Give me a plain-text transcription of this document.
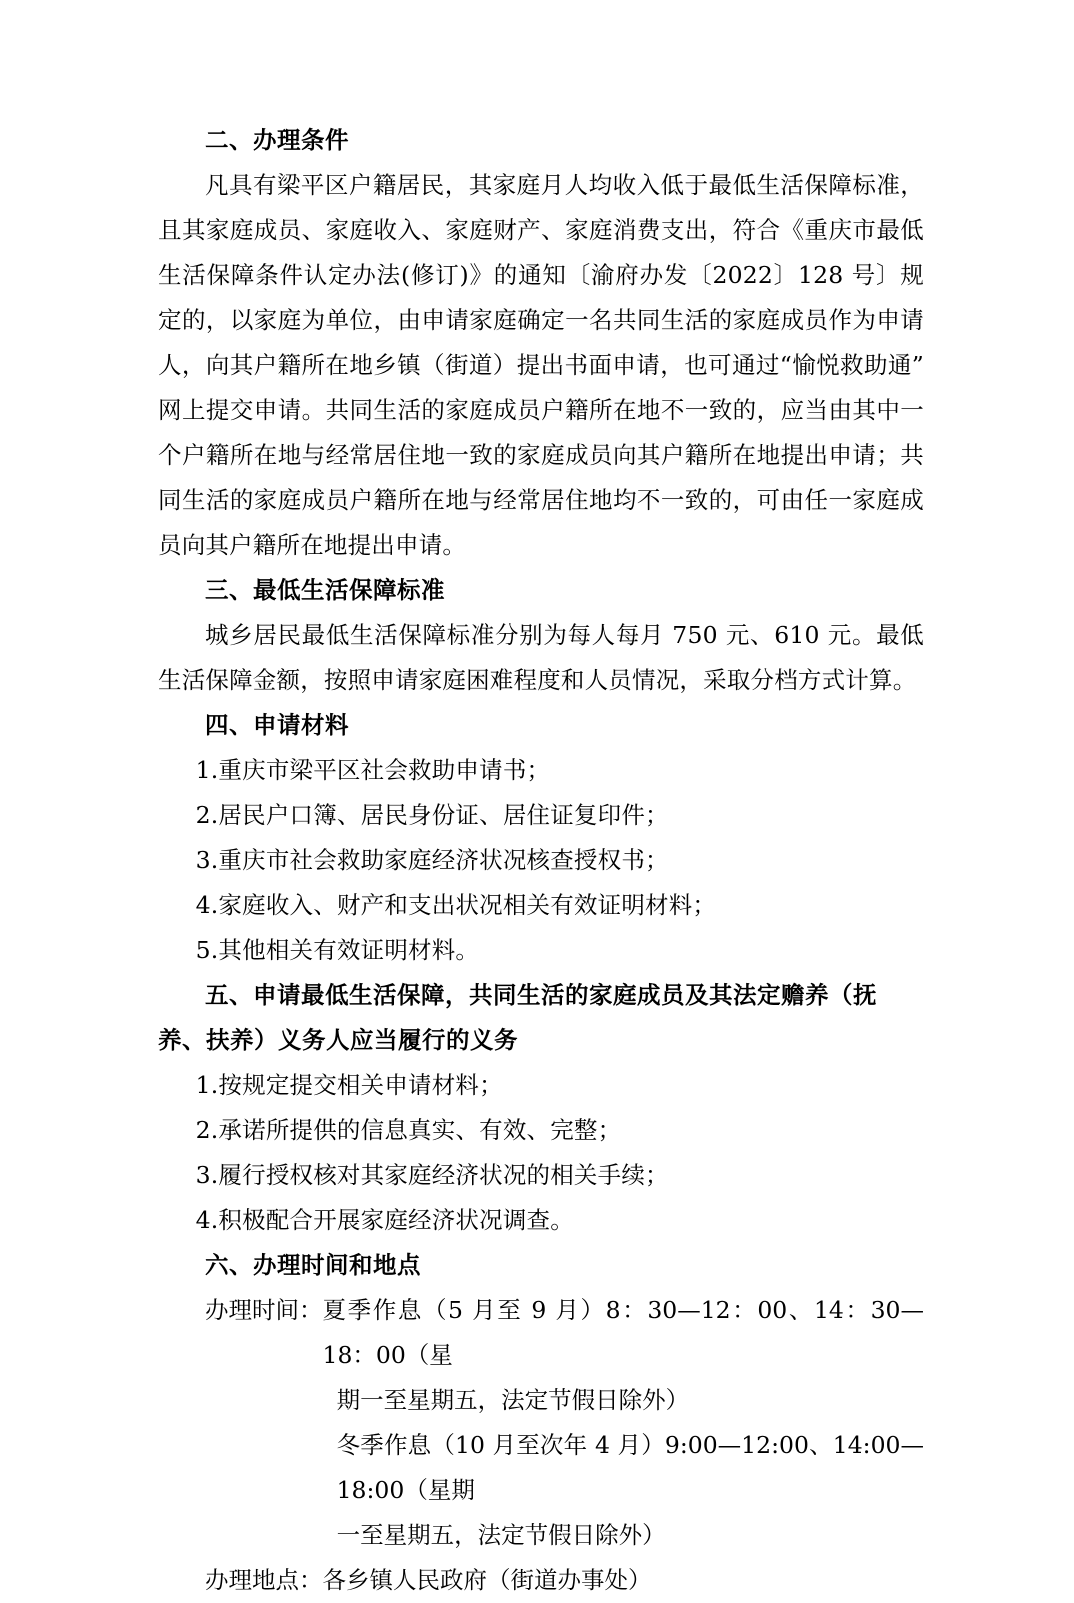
二、办理条件

凡具有梁平区户籍居民，其家庭月人均收入低于最低生活保障标准，且其家庭成员、家庭收入、家庭财产、家庭消费支出，符合《重庆市最低生活保障条件认定办法(修订)》的通知〔渝府办发〔2022〕128 号〕规定的，以家庭为单位，由申请家庭确定一名共同生活的家庭成员作为申请人，向其户籍所在地乡镇（街道）提出书面申请，也可通过“愉悦救助通”网上提交申请。共同生活的家庭成员户籍所在地不一致的，应当由其中一个户籍所在地与经常居住地一致的家庭成员向其户籍所在地提出申请；共同生活的家庭成员户籍所在地与经常居住地均不一致的，可由任一家庭成员向其户籍所在地提出申请。

三、最低生活保障标准

城乡居民最低生活保障标准分别为每人每月 750 元、610 元。最低生活保障金额，按照申请家庭困难程度和人员情况，采取分档方式计算。

四、申请材料

1.重庆市梁平区社会救助申请书；

2.居民户口簿、居民身份证、居住证复印件；

3.重庆市社会救助家庭经济状况核查授权书；

4.家庭收入、财产和支出状况相关有效证明材料；

5.其他相关有效证明材料。

五、申请最低生活保障，共同生活的家庭成员及其法定赡养（抚养、扶养）义务人应当履行的义务

1.按规定提交相关申请材料；

2.承诺所提供的信息真实、有效、完整；

3.履行授权核对其家庭经济状况的相关手续；

4.积极配合开展家庭经济状况调查。

六、办理时间和地点
办理时间： 夏季作息（5 月至 9 月）8：30—12：00、14：30—18：00（星

期一至星期五，法定节假日除外）

冬季作息（10 月至次年 4 月）9:00—12:00、14:00—18:00（星期

一至星期五，法定节假日除外）

办理地点： 各乡镇人民政府（街道办事处）
